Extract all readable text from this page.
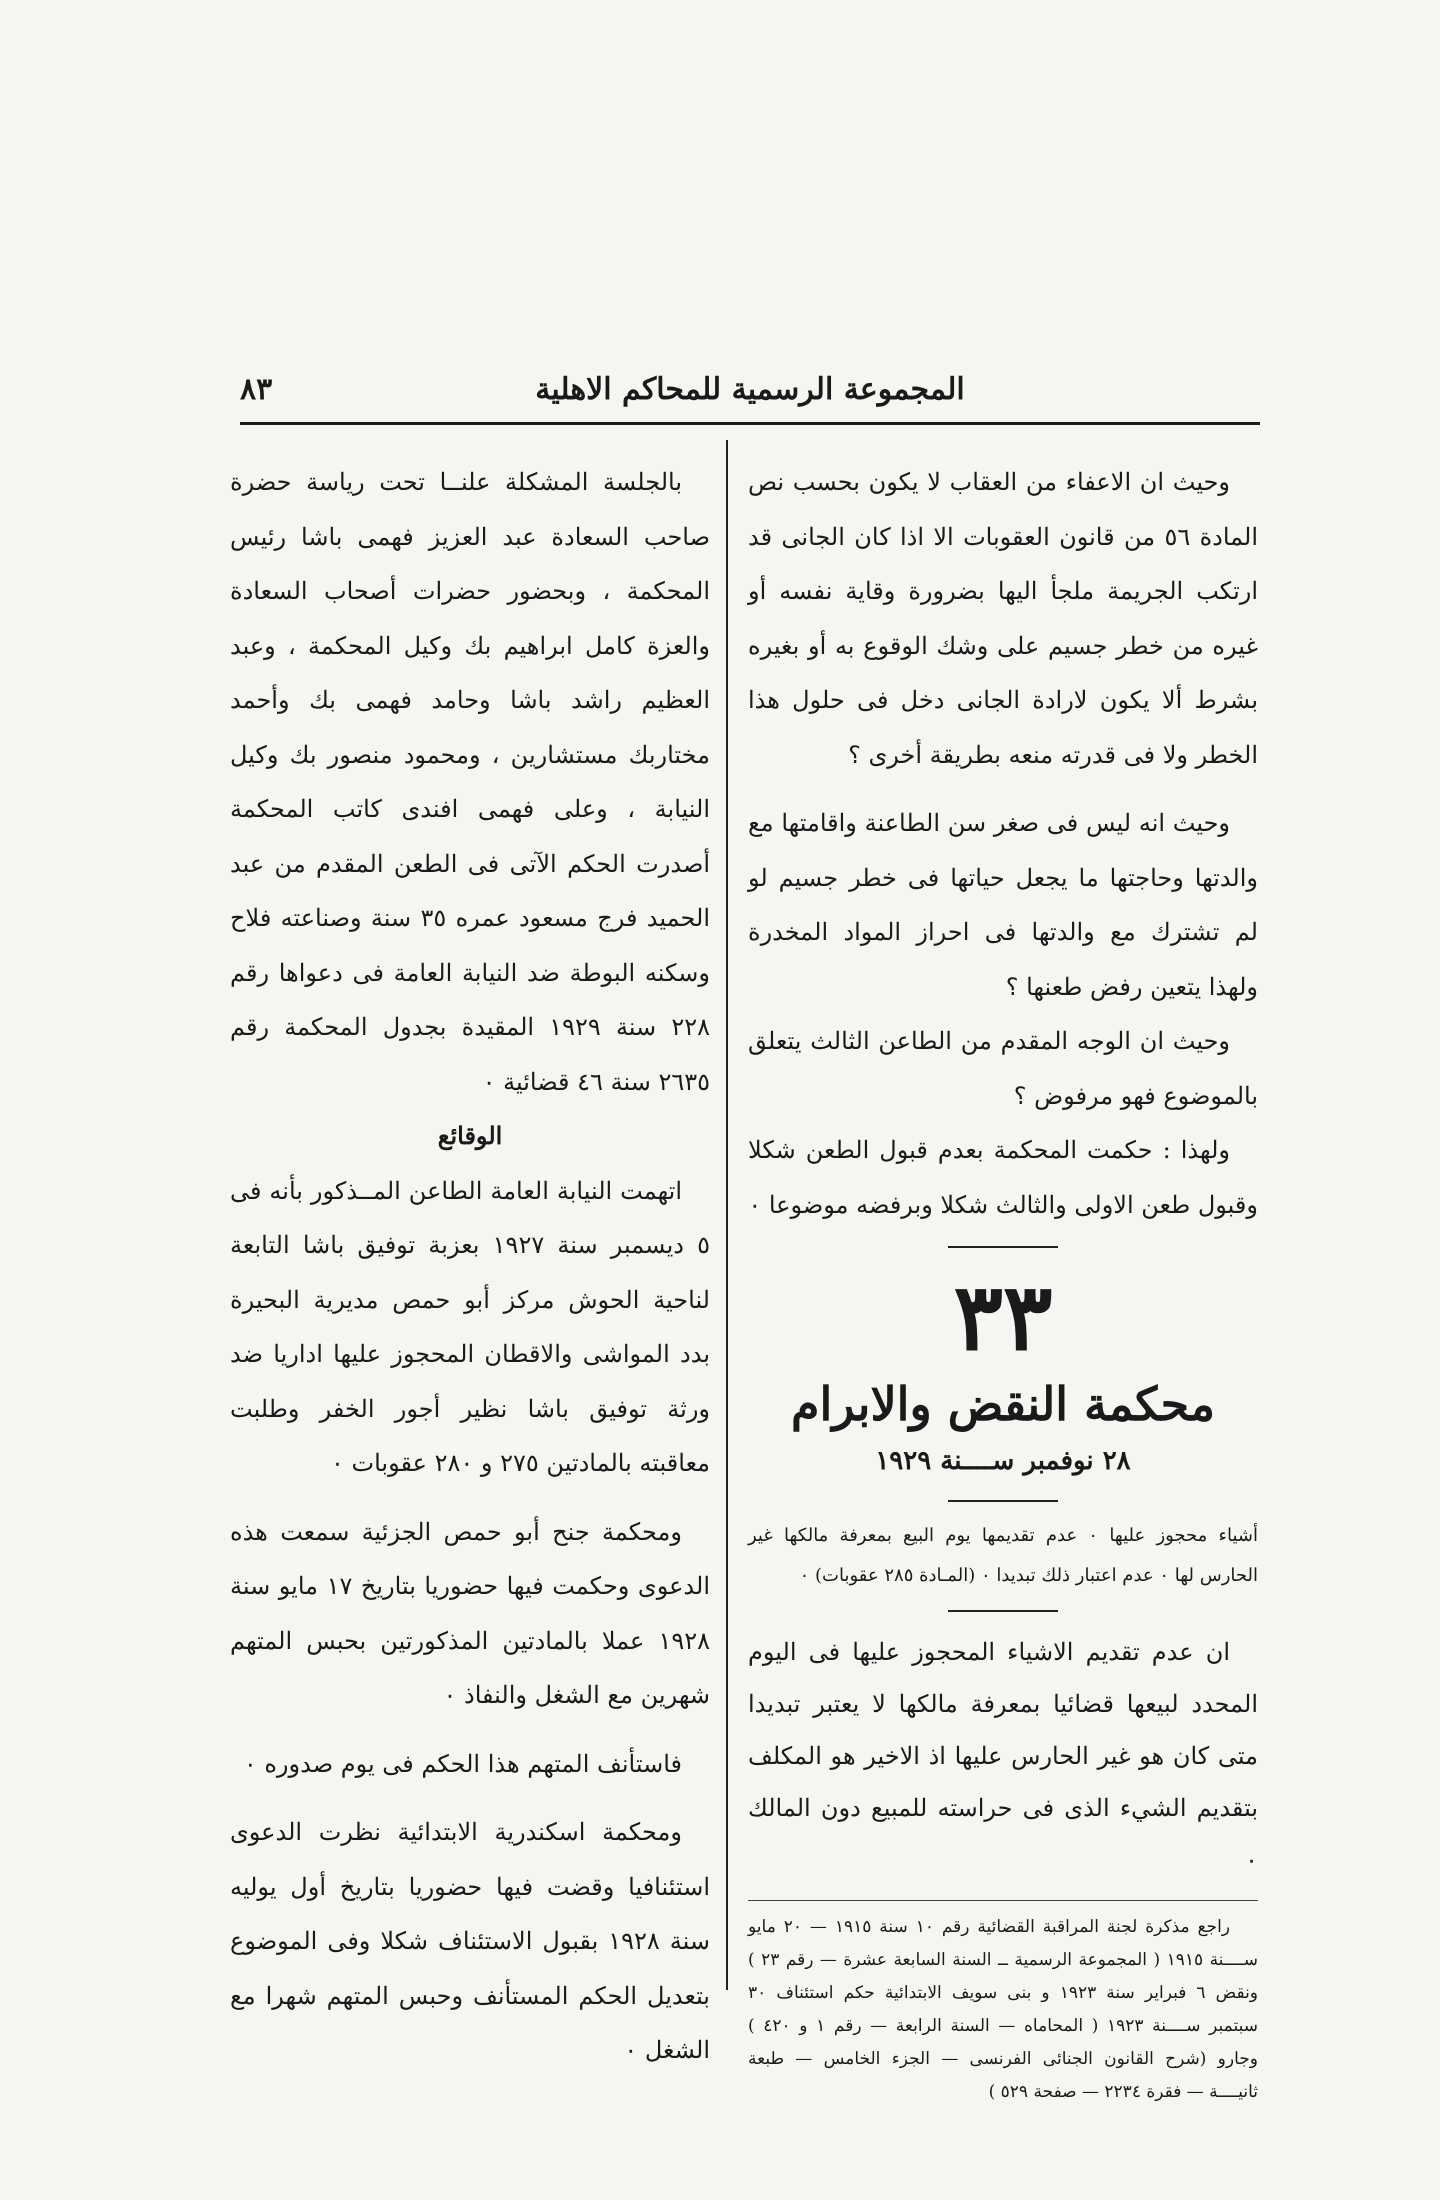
٨٣	المجموعة الرسمية للمحاكم الاهلية

وحيث ان الاعفاء من العقاب لا يكون بحسب نص المادة ٥٦ من قانون العقوبات الا اذا كان الجانى قد ارتكب الجريمة ملجأ اليها بضرورة وقاية نفسه أو غيره من خطر جسيم على وشك الوقوع به أو بغيره بشرط ألا يكون لارادة الجانى دخل فى حلول هذا الخطر ولا فى قدرته منعه بطريقة أخرى ؟

وحيث انه ليس فى صغر سن الطاعنة واقامتها مع والدتها وحاجتها ما يجعل حياتها فى خطر جسيم لو لم تشترك مع والدتها فى احراز المواد المخدرة ولهذا يتعين رفض طعنها ؟

وحيث ان الوجه المقدم من الطاعن الثالث يتعلق بالموضوع فهو مرفوض ؟

ولهذا : حكمت المحكمة بعدم قبول الطعن شكلا وقبول طعن الاولى والثالث شكلا وبرفضه موضوعا ٠

٣٣
محكمة النقض والابرام
٢٨ نوفمبر ســــنة ١٩٢٩

أشياء محجوز عليها ٠ عدم تقديمها يوم البيع بمعرفة مالكها غير الحارس لها ٠ عدم اعتبار ذلك تبديدا ٠ (المـادة ٢٨٥ عقوبات) ٠

ان عدم تقديم الاشياء المحجوز عليها فى اليوم المحدد لبيعها قضائيا بمعرفة مالكها لا يعتبر تبديدا متى كان هو غير الحارس عليها اذ الاخير هو المكلف بتقديم الشيء الذى فى حراسته للمبيع دون المالك ٠

راجع مذكرة لجنة المراقبة القضائية رقم ١٠ سنة ١٩١٥ — ٢٠ مايو ســــنة ١٩١٥ ( المجموعة الرسمية ــ السنة السابعة عشرة — رقم ٢٣ ) ونقض ٦ فبراير سنة ١٩٢٣ و بنى سويف الابتدائية حكم استئناف ٣٠ سبتمبر ســــنة ١٩٢٣ ( المحاماه — السنة الرابعة — رقم ١ و ٤٢٠ ) وجارو (شرح القانون الجنائى الفرنسى — الجزء الخامس — طبعة ثانيــــة — فقرة ٢٢٣٤ — صفحة ٥٢٩ )

بالجلسة المشكلة علنــا تحت رياسة حضرة صاحب السعادة عبد العزيز فهمى باشا رئيس المحكمة ، وبحضور حضرات أصحاب السعادة والعزة كامل ابراهيم بك وكيل المحكمة ، وعبد العظيم راشد باشا وحامد فهمى بك وأحمد مختاربك مستشارين ، ومحمود منصور بك وكيل النيابة ، وعلى فهمى افندى كاتب المحكمة أصدرت الحكم الآتى فى الطعن المقدم من عبد الحميد فرج مسعود عمره ٣٥ سنة وصناعته فلاح وسكنه البوطة ضد النيابة العامة فى دعواها رقم ٢٢٨ سنة ١٩٢٩ المقيدة بجدول المحكمة رقم ٢٦٣٥ سنة ٤٦ قضائية ٠

الوقائع

اتهمت النيابة العامة الطاعن المــذكور بأنه فى ٥ ديسمبر سنة ١٩٢٧ بعزبة توفيق باشا التابعة لناحية الحوش مركز أبو حمص مديرية البحيرة بدد المواشى والاقطان المحجوز عليها اداريا ضد ورثة توفيق باشا نظير أجور الخفر وطلبت معاقبته بالمادتين ٢٧٥ و ٢٨٠ عقوبات ٠

ومحكمة جنح أبو حمص الجزئية سمعت هذه الدعوى وحكمت فيها حضوريا بتاريخ ١٧ مايو سنة ١٩٢٨ عملا بالمادتين المذكورتين بحبس المتهم شهرين مع الشغل والنفاذ ٠

فاستأنف المتهم هذا الحكم فى يوم صدوره ٠

ومحكمة اسكندرية الابتدائية نظرت الدعوى استئنافيا وقضت فيها حضوريا بتاريخ أول يوليه سنة ١٩٢٨ بقبول الاستئناف شكلا وفى الموضوع بتعديل الحكم المستأنف وحبس المتهم شهرا مع الشغل ٠
